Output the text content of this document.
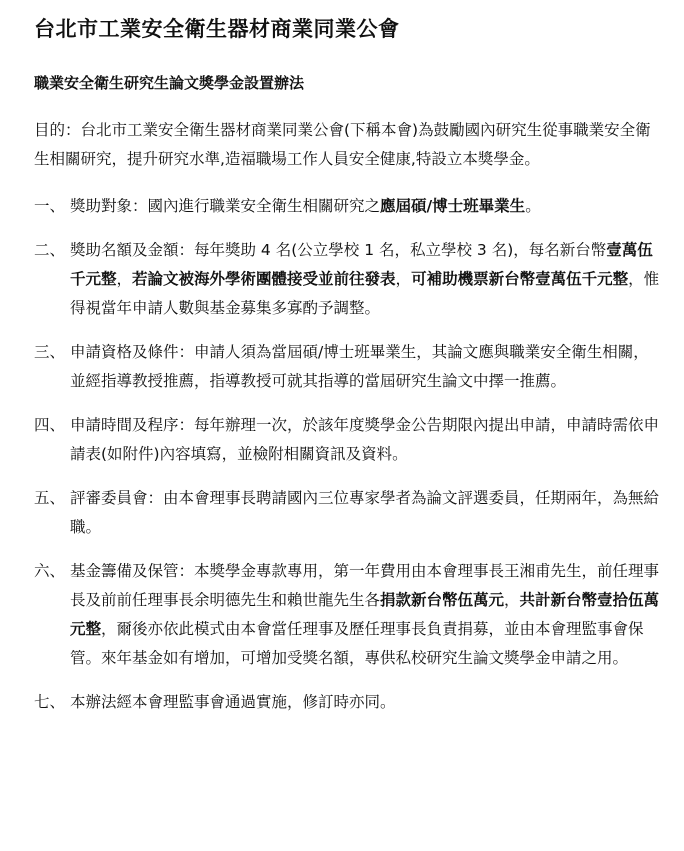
台北市工業安全衛生器材商業同業公會
職業安全衛生研究生論文獎學金設置辦法
目的：台北市工業安全衛生器材商業同業公會(下稱本會)為鼓勵國內研究生從事職業安全衛生相關研究，提升研究水準,造福職場工作人員安全健康,特設立本獎學金。
一、 獎助對象：國內進行職業安全衛生相關研究之應屆碩/博士班畢業生。
二、 獎助名額及金額：每年獎助 4 名(公立學校 1 名，私立學校 3 名)，每名新台幣壹萬伍千元整，若論文被海外學術團體接受並前往發表，可補助機票新台幣壹萬伍千元整，惟得視當年申請人數與基金募集多寡酌予調整。
三、 申請資格及條件：申請人須為當屆碩/博士班畢業生，其論文應與職業安全衛生相關，並經指導教授推薦，指導教授可就其指導的當屆研究生論文中擇一推薦。
四、 申請時間及程序：每年辦理一次，於該年度獎學金公告期限內提出申請，申請時需依申請表(如附件)內容填寫，並檢附相關資訊及資料。
五、 評審委員會：由本會理事長聘請國內三位專家學者為論文評選委員，任期兩年，為無給職。
六、 基金籌備及保管：本獎學金專款專用，第一年費用由本會理事長王湘甫先生，前任理事長及前前任理事長余明德先生和賴世龍先生各捐款新台幣伍萬元，共計新台幣壹拾伍萬元整，爾後亦依此模式由本會當任理事及歷任理事長負責捐募，並由本會理監事會保管。來年基金如有增加，可增加受獎名額，專供私校研究生論文獎學金申請之用。
七、 本辦法經本會理監事會通過實施，修訂時亦同。
